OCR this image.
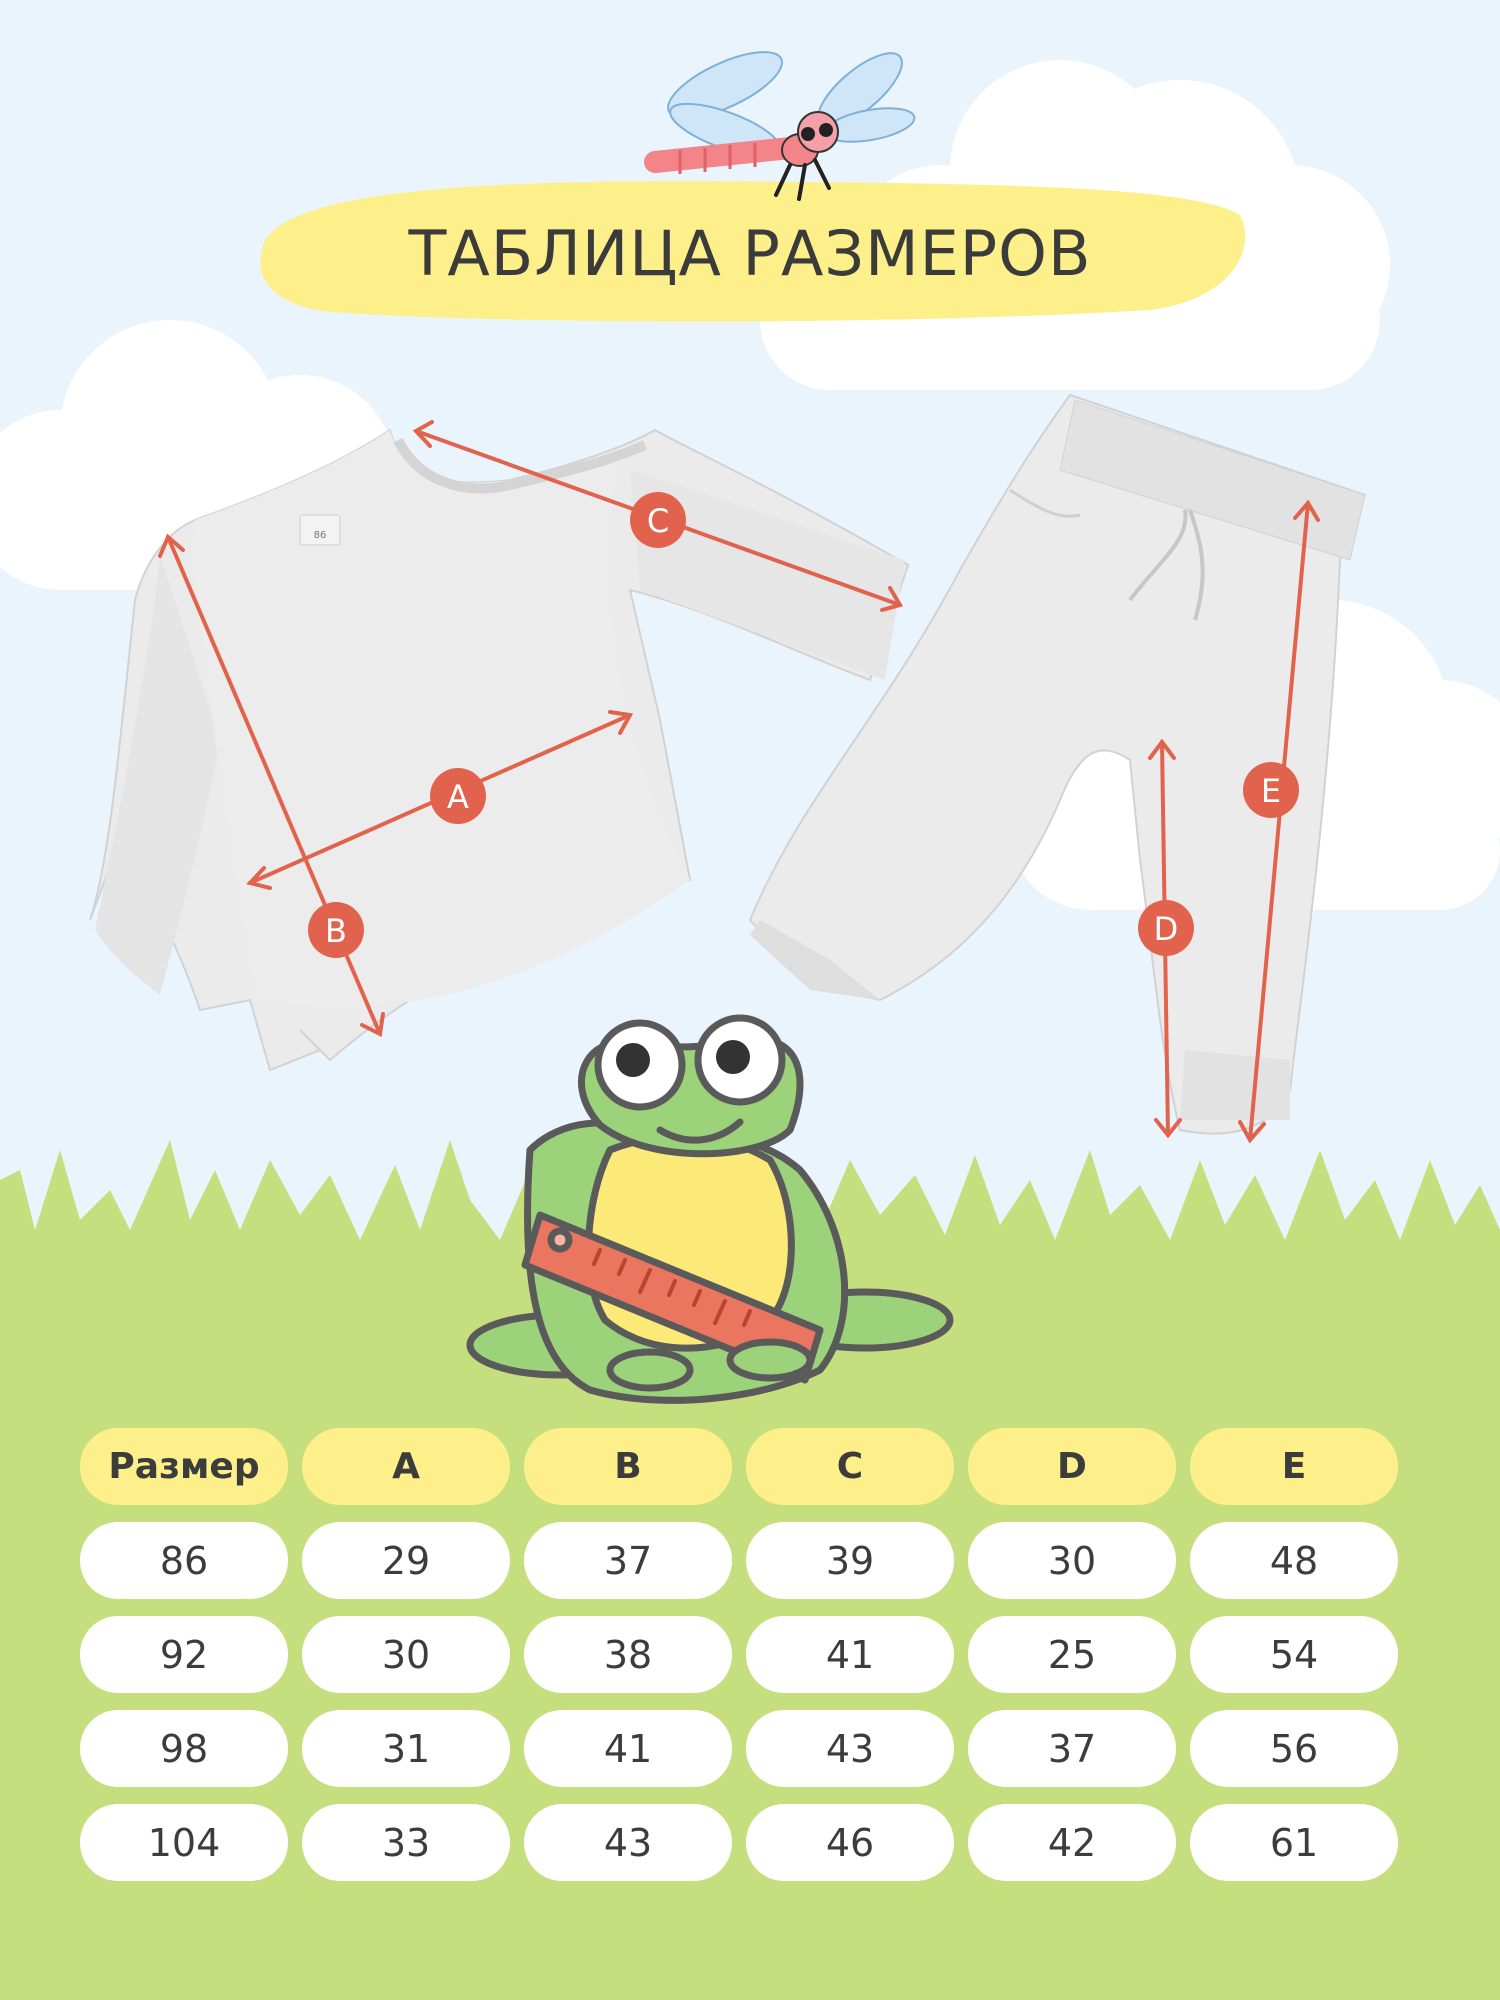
86
A
B
C
D
E
ТАБЛИЦА РАЗМЕРОВ
Размер	A	B	C	D	E
86	29	37	39	30	48
92	30	38	41	25	54
98	31	41	43	37	56
104	33	43	46	42	61
